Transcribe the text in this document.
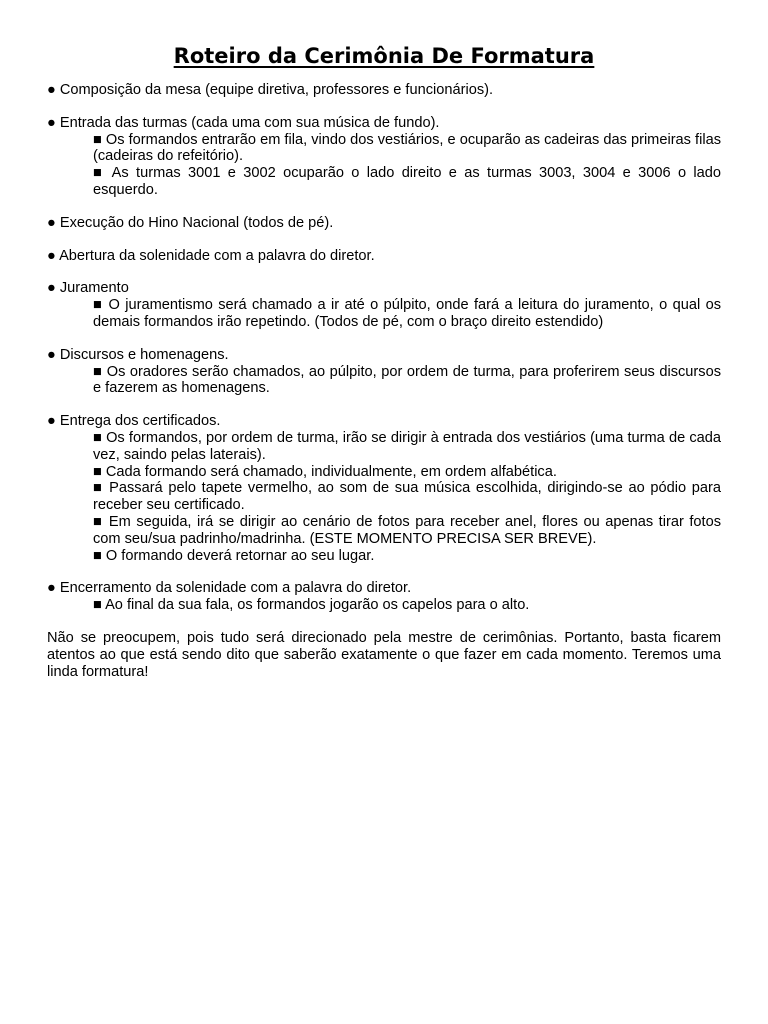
Roteiro da Cerimônia De Formatura
● Composição da mesa (equipe diretiva, professores e funcionários).
● Entrada das turmas (cada uma com sua música de fundo).
■ Os formandos entrarão em fila, vindo dos vestiários, e ocuparão as cadeiras das primeiras filas (cadeiras do refeitório).
■ As turmas 3001 e 3002 ocuparão o lado direito e as turmas 3003, 3004 e 3006 o lado esquerdo.
● Execução do Hino Nacional (todos de pé).
● Abertura da solenidade com a palavra do diretor.
● Juramento
■ O juramentismo será chamado a ir até o púlpito, onde fará a leitura do juramento, o qual os demais formandos irão repetindo. (Todos de pé, com o braço direito estendido)
● Discursos e homenagens.
■ Os oradores serão chamados, ao púlpito, por ordem de turma, para proferirem seus discursos e fazerem as homenagens.
● Entrega dos certificados.
■ Os formandos, por ordem de turma, irão se dirigir à entrada dos vestiários (uma turma de cada vez, saindo pelas laterais).
■ Cada formando será chamado, individualmente, em ordem alfabética.
■ Passará pelo tapete vermelho, ao som de sua música escolhida, dirigindo-se ao pódio para receber seu certificado.
■ Em seguida, irá se dirigir ao cenário de fotos para receber anel, flores ou apenas tirar fotos com seu/sua padrinho/madrinha. (ESTE MOMENTO PRECISA SER BREVE).
■ O formando deverá retornar ao seu lugar.
● Encerramento da solenidade com a palavra do diretor.
■ Ao final da sua fala, os formandos jogarão os capelos para o alto.

Não se preocupem, pois tudo será direcionado pela mestre de cerimônias. Portanto, basta ficarem atentos ao que está sendo dito que saberão exatamente o que fazer em cada momento. Teremos uma linda formatura!
